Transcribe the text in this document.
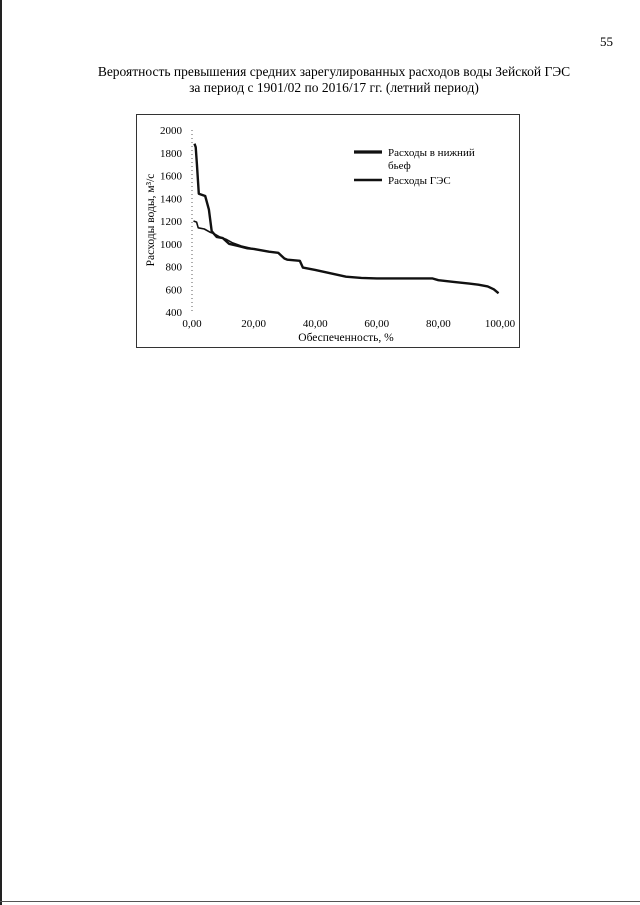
55
Вероятность превышения средних зарегулированных расходов воды Зейской ГЭС
за период с 1901/02 по 2016/17 гг. (летний период)
Расходы воды, м³/с
Обеспеченность, %
400
600
800
1000
1200
1400
1600
1800
2000
0,00	20,00	40,00	60,00	80,00	100,00
Расходы в нижний бьеф
Расходы ГЭС
